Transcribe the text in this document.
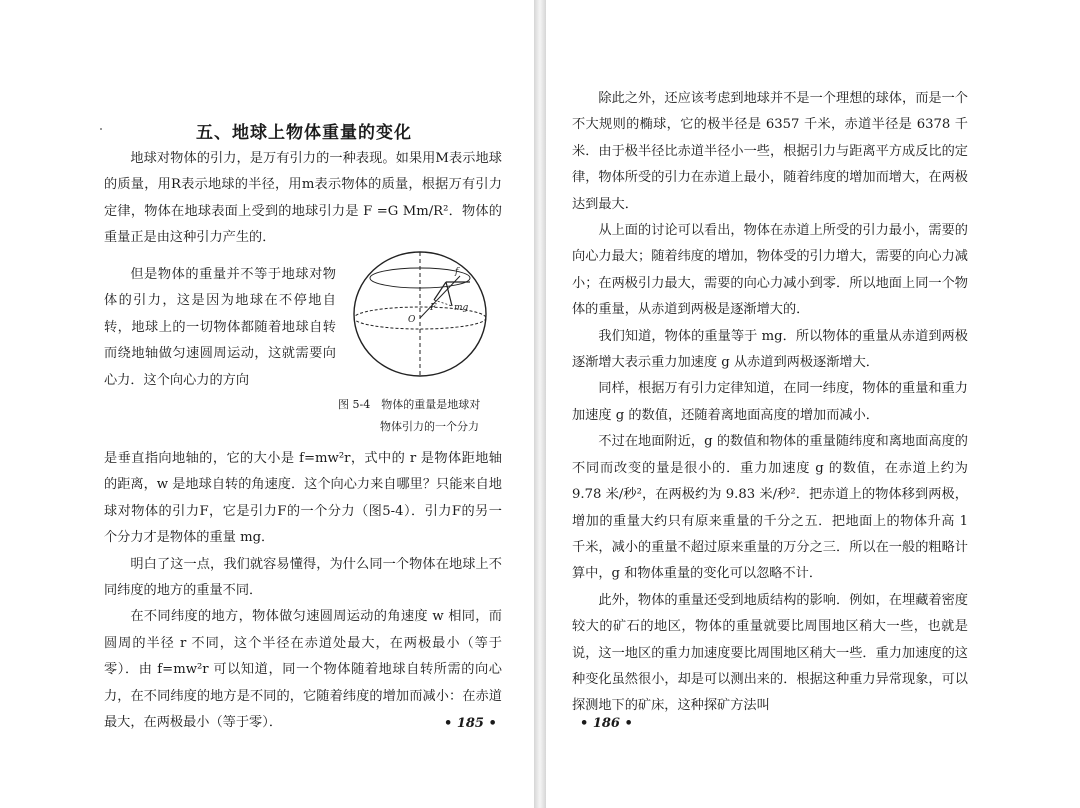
五、地球上物体重量的变化

地球对物体的引力，是万有引力的一种表现。如果用M表示地球的质量，用R表示地球的半径，用m表示物体的质量，根据万有引力定律，物体在地球表面上受到的地球引力是 F =G Mm/R²．物体的重量正是由这种引力产生的．

但是物体的重量并不等于地球对物体的引力，这是因为地球在不停地自转，地球上的一切物体都随着地球自转而绕地轴做匀速圆周运动，这就需要向心力．这个向心力的方向

O
f
F mg

图 5-4　物体的重量是地球对
物体引力的一个分力

是垂直指向地轴的，它的大小是 f=mw²r，式中的 r 是物体距地轴的距离，w 是地球自转的角速度．这个向心力来自哪里？只能来自地球对物体的引力F，它是引力F的一个分力（图5-4）．引力F的另一个分力才是物体的重量 mg．

明白了这一点，我们就容易懂得，为什么同一个物体在地球上不同纬度的地方的重量不同．

在不同纬度的地方，物体做匀速圆周运动的角速度 w 相同，而圆周的半径 r 不同，这个半径在赤道处最大，在两极最小（等于零）．由 f=mw²r 可以知道，同一个物体随着地球自转所需的向心力，在不同纬度的地方是不同的，它随着纬度的增加而减小：在赤道最大，在两极最小（等于零）．	• 185 •

除此之外，还应该考虑到地球并不是一个理想的球体，而是一个不大规则的椭球，它的极半径是 6357 千米，赤道半径是 6378 千米．由于极半径比赤道半径小一些，根据引力与距离平方成反比的定律，物体所受的引力在赤道上最小，随着纬度的增加而增大，在两极达到最大．

从上面的讨论可以看出，物体在赤道上所受的引力最小，需要的向心力最大；随着纬度的增加，物体受的引力增大，需要的向心力减小；在两极引力最大，需要的向心力减小到零．所以地面上同一个物体的重量，从赤道到两极是逐渐增大的．

我们知道，物体的重量等于 mg．所以物体的重量从赤道到两极逐渐增大表示重力加速度 g 从赤道到两极逐渐增大．

同样，根据万有引力定律知道，在同一纬度，物体的重量和重力加速度 g 的数值，还随着离地面高度的增加而减小．

不过在地面附近，g 的数值和物体的重量随纬度和离地面高度的不同而改变的量是很小的．重力加速度 g 的数值，在赤道上约为 9.78 米/秒²，在两极约为 9.83 米/秒²．把赤道上的物体移到两极，增加的重量大约只有原来重量的千分之五．把地面上的物体升高 1 千米，减小的重量不超过原来重量的万分之三．所以在一般的粗略计算中，g 和物体重量的变化可以忽略不计．

此外，物体的重量还受到地质结构的影响．例如，在埋藏着密度较大的矿石的地区，物体的重量就要比周围地区稍大一些，也就是说，这一地区的重力加速度要比周围地区稍大一些．重力加速度的这种变化虽然很小，却是可以测出来的．根据这种重力异常现象，可以探测地下的矿床，这种探矿方法叫

• 186 •
